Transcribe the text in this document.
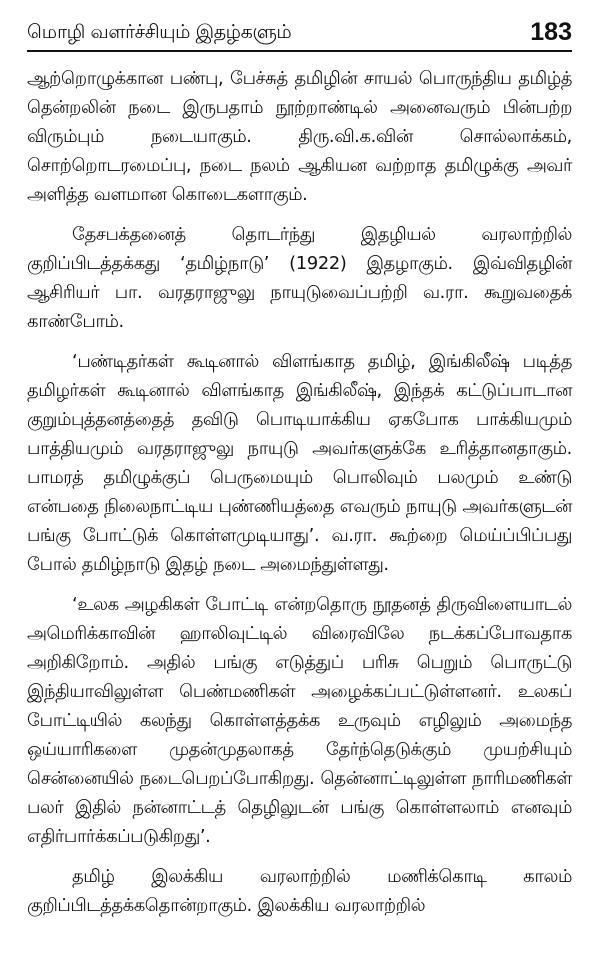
மொழி வளர்ச்சியும் இதழ்களும்	183

ஆற்றொழுக்கான பண்பு, பேச்சுத் தமிழின் சாயல் பொருந்திய தமிழ்த் தென்றலின் நடை இருபதாம் நூற்றாண்டில் அனைவரும் பின்பற்ற விரும்பும் நடையாகும். திரு.வி.க.வின் சொல்லாக்கம், சொற்றொடரமைப்பு, நடை நலம் ஆகியன வற்றாத தமிழுக்கு அவர் அளித்த வளமான கொடைகளாகும்.

தேசபக்தனைத் தொடர்ந்து இதழியல் வரலாற்றில் குறிப்பிடத்தக்கது ‘தமிழ்நாடு’ (1922) இதழாகும். இவ்விதழின் ஆசிரியர் பா. வரதராஜுலு நாயுடுவைப்பற்றி வ.ரா. கூறுவதைக் காண்போம்.

‘பண்டிதர்கள் கூடினால் விளங்காத தமிழ், இங்கிலீஷ் படித்த தமிழர்கள் கூடினால் விளங்காத இங்கிலீஷ், இந்தக் கட்டுப்பாடான குறும்புத்தனத்தைத் தவிடு பொடியாக்கிய ஏகபோக பாக்கியமும் பாத்தியமும் வரதராஜுலு நாயுடு அவர்களுக்கே உரித்தானதாகும். பாமரத் தமிழுக்குப் பெருமையும் பொலிவும் பலமும் உண்டு என்பதை நிலைநாட்டிய புண்ணியத்தை எவரும் நாயுடு அவர்களுடன் பங்கு போட்டுக் கொள்ளமுடியாது’. வ.ரா. கூற்றை மெய்ப்பிப்பது போல் தமிழ்நாடு இதழ் நடை அமைந்துள்ளது.

‘உலக அழகிகள் போட்டி என்றதொரு நூதனத் திருவிளையாடல் அமெரிக்காவின் ஹாலிவுட்டில் விரைவிலே நடக்கப்போவதாக அறிகிறோம். அதில் பங்கு எடுத்துப் பரிசு பெறும் பொருட்டு இந்தியாவிலுள்ள பெண்மணிகள் அழைக்கப்பட்டுள்ளனர். உலகப் போட்டியில் கலந்து கொள்ளத்தக்க உருவும் எழிலும் அமைந்த ஒய்யாரிகளை முதன்முதலாகத் தேர்ந்தெடுக்கும் முயற்சியும் சென்னையில் நடைபெறப்போகிறது. தென்னாட்டிலுள்ள நாரிமணிகள் பலர் இதில் நன்னாட்டத் தெழிலுடன் பங்கு கொள்ளலாம் எனவும் எதிர்பார்க்கப்படுகிறது’.

தமிழ் இலக்கிய வரலாற்றில் மணிக்கொடி காலம் குறிப்பிடத்தக்கதொன்றாகும். இலக்கிய வரலாற்றில்
